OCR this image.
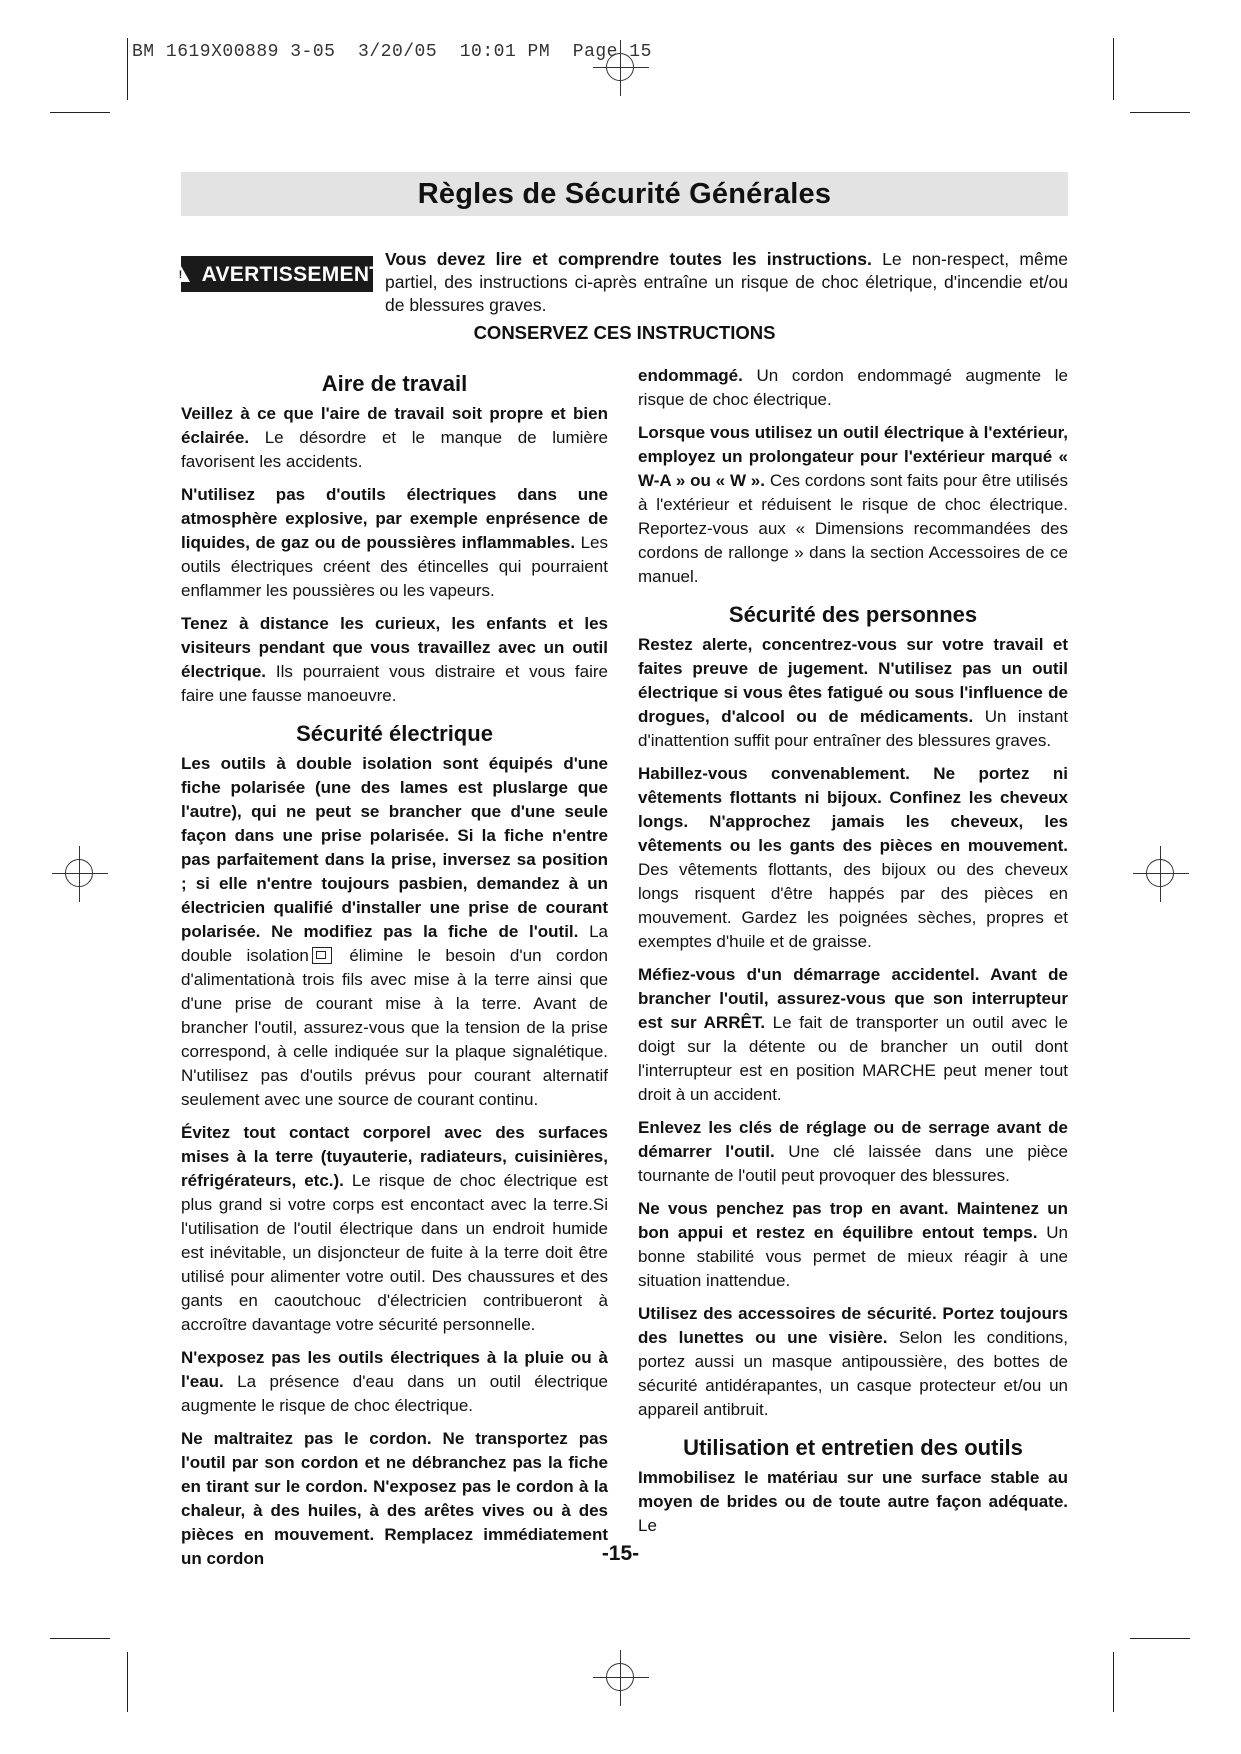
BM 1619X00889 3-05  3/20/05  10:01 PM  Page 15
Règles de Sécurité Générales
! AVERTISSEMENT
Vous devez lire et comprendre toutes les instructions. Le non-respect, même partiel, des instructions ci-après entraîne un risque de choc életrique, d'incendie et/ou de blessures graves.
CONSERVEZ CES INSTRUCTIONS
Aire de travail

Veillez à ce que l'aire de travail soit propre et bien éclairée. Le désordre et le manque de lumière favorisent les accidents.

N'utilisez pas d'outils électriques dans une atmosphère explosive, par exemple enprésence de liquides, de gaz ou de poussières inflammables. Les outils électriques créent des étincelles qui pourraient enflammer les poussières ou les vapeurs.

Tenez à distance les curieux, les enfants et les visiteurs pendant que vous travaillez avec un outil électrique. Ils pourraient vous distraire et vous faire faire une fausse manoeuvre.

Sécurité électrique

Les outils à double isolation sont équipés d'une fiche polarisée (une des lames est pluslarge que l'autre), qui ne peut se brancher que d'une seule façon dans une prise polarisée. Si la fiche n'entre pas parfaitement dans la prise, inversez sa position ; si elle n'entre toujours pasbien, demandez à un électricien qualifié d'installer une prise de courant polarisée. Ne modifiez pas la fiche de l'outil. La double isolation
élimine le besoin d'un cordon d'alimentationà trois fils avec mise à la terre ainsi que d'une prise de courant mise à la terre. Avant de brancher l'outil, assurez-vous que la tension de la prise correspond, à celle indiquée sur la plaque signalétique. N'utilisez pas d'outils prévus pour courant alternatif seulement avec une source de courant continu.

Évitez tout contact corporel avec des surfaces mises à la terre (tuyauterie, radiateurs, cuisinières, réfrigérateurs, etc.). Le risque de choc électrique est plus grand si votre corps est encontact avec la terre.Si l'utilisation de l'outil électrique dans un endroit humide est inévitable, un disjoncteur de fuite à la terre doit être utilisé pour alimenter votre outil. Des chaussures et des gants en caoutchouc d'électricien contribueront à accroître davantage votre sécurité personnelle.

N'exposez pas les outils électriques à la pluie ou à l'eau. La présence d'eau dans un outil électrique augmente le risque de choc électrique.

Ne maltraitez pas le cordon. Ne transportez pas l'outil par son cordon et ne débranchez pas la fiche en tirant sur le cordon. N'exposez pas le cordon à la chaleur, à des huiles, à des arêtes vives ou à des pièces en mouvement. Remplacez immédiatement un cordon

endommagé. Un cordon endommagé augmente le risque de choc électrique.

Lorsque vous utilisez un outil électrique à l'extérieur, employez un prolongateur pour l'extérieur marqué « W-A » ou « W ». Ces cordons sont faits pour être utilisés à l'extérieur et réduisent le risque de choc électrique. Reportez-vous aux « Dimensions recommandées des cordons de rallonge » dans la section Accessoires de ce manuel.

Sécurité des personnes

Restez alerte, concentrez-vous sur votre travail et faites preuve de jugement. N'utilisez pas un outil électrique si vous êtes fatigué ou sous l'influence de drogues, d'alcool ou de médicaments. Un instant d'inattention suffit pour entraîner des blessures graves.

Habillez-vous convenablement. Ne portez ni vêtements flottants ni bijoux. Confinez les cheveux longs. N'approchez jamais les cheveux, les vêtements ou les gants des pièces en mouvement. Des vêtements flottants, des bijoux ou des cheveux longs risquent d'être happés par des pièces en mouvement. Gardez les poignées sèches, propres et exemptes d'huile et de graisse.

Méfiez-vous d'un démarrage accidentel. Avant de brancher l'outil, assurez-vous que son interrupteur est sur ARRÊT. Le fait de transporter un outil avec le doigt sur la détente ou de brancher un outil dont l'interrupteur est en position MARCHE peut mener tout droit à un accident.

Enlevez les clés de réglage ou de serrage avant de démarrer l'outil. Une clé laissée dans une pièce tournante de l'outil peut provoquer des blessures.

Ne vous penchez pas trop en avant. Maintenez un bon appui et restez en équilibre entout temps. Un bonne stabilité vous permet de mieux réagir à une situation inattendue.

Utilisez des accessoires de sécurité. Portez toujours des lunettes ou une visière. Selon les conditions, portez aussi un masque antipoussière, des bottes de sécurité antidérapantes, un casque protecteur et/ou un appareil antibruit.

Utilisation et entretien des outils

Immobilisez le matériau sur une surface stable au moyen de brides ou de toute autre façon adéquate. Le

-15-
